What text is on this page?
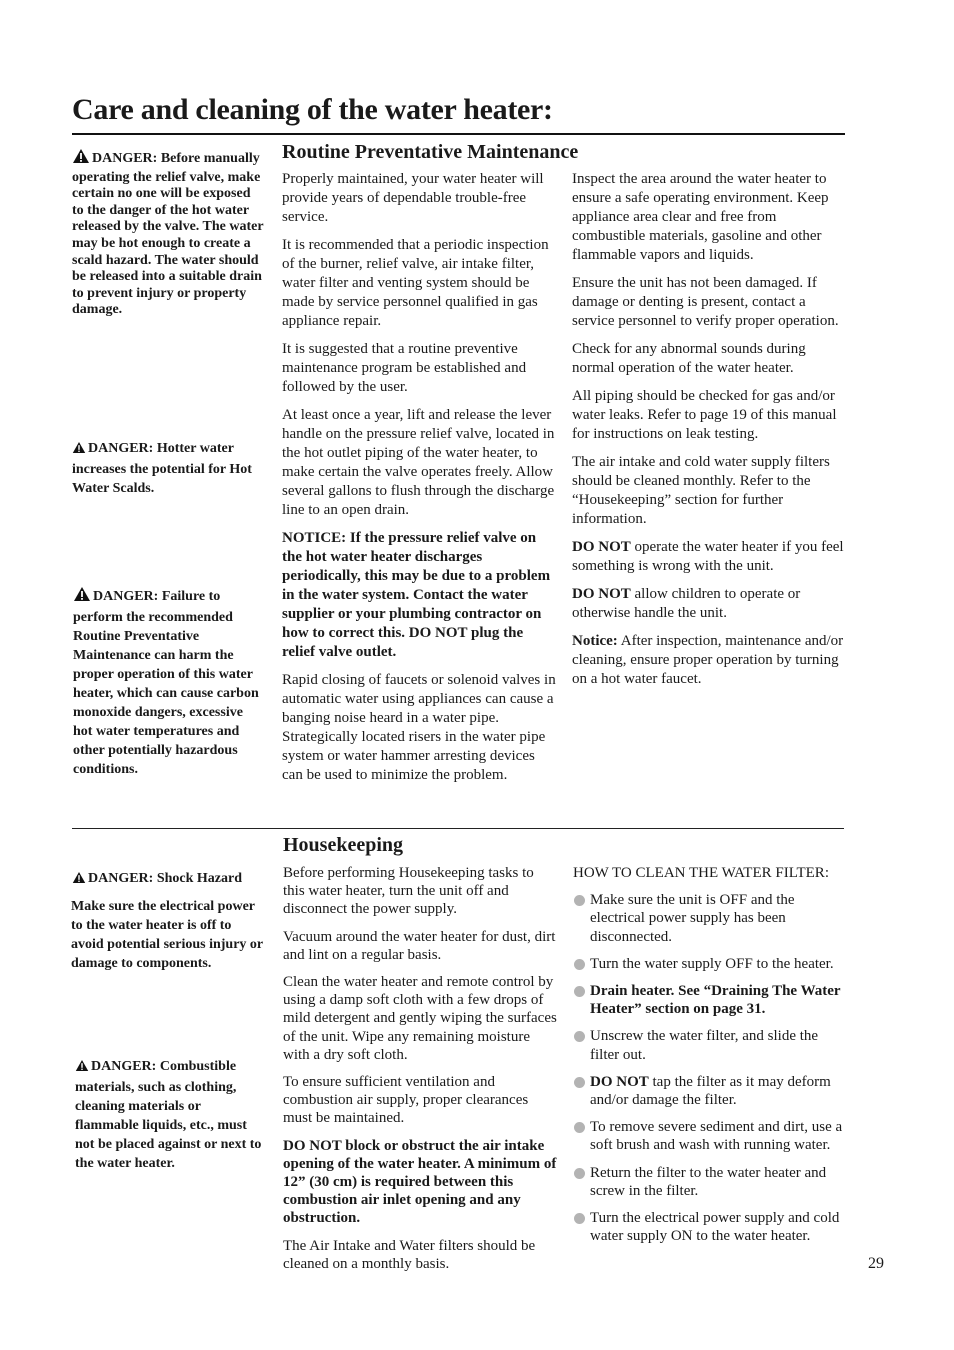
Care and cleaning of the water heater:
Routine Preventative Maintenance
DANGER: Before manually operating the relief valve, make certain no one will be exposed to the danger of the hot water released by the valve. The water may be hot enough to create a scald hazard. The water should be released into a suitable drain to prevent injury or property damage.
DANGER: Hotter water increases the potential for Hot Water Scalds.
DANGER: Failure to perform the recommended Routine Preventative Maintenance can harm the proper operation of this water heater, which can cause carbon monoxide dangers, excessive hot water temperatures and other potentially hazardous conditions.

Properly maintained, your water heater will provide years of dependable trouble-free service.

It is recommended that a periodic inspection of the burner, relief valve, air intake filter, water filter and venting system should be made by service personnel qualified in gas appliance repair.

It is suggested that a routine preventive maintenance program be established and followed by the user.

At least once a year, lift and release the lever handle on the pressure relief valve, located in the hot outlet piping of the water heater, to make certain the valve operates freely. Allow several gallons to flush through the discharge line to an open drain.

NOTICE: If the pressure relief valve on the hot water heater discharges periodically, this may be due to a problem in the water system. Contact the water supplier or your plumbing contractor on how to correct this. DO NOT plug the relief valve outlet.

Rapid closing of faucets or solenoid valves in automatic water using appliances can cause a banging noise heard in a water pipe. Strategically located risers in the water pipe system or water hammer arresting devices can be used to minimize the problem.

Inspect the area around the water heater to ensure a safe operating environment. Keep appliance area clear and free from combustible materials, gasoline and other flammable vapors and liquids.

Ensure the unit has not been damaged. If damage or denting is present, contact a service personnel to verify proper operation.

Check for any abnormal sounds during normal operation of the water heater.

All piping should be checked for gas and/or water leaks. Refer to page 19 of this manual for instructions on leak testing.

The air intake and cold water supply filters should be cleaned monthly. Refer to the “Housekeeping” section for further information.

DO NOT operate the water heater if you feel something is wrong with the unit.

DO NOT allow children to operate or otherwise handle the unit.

Notice: After inspection, maintenance and/or cleaning, ensure proper operation by turning on a hot water faucet.

Housekeeping
DANGER: Shock Hazard
Make sure the electrical power to the water heater is off to avoid potential serious injury or damage to components.
DANGER: Combustible materials, such as clothing, cleaning materials or flammable liquids, etc., must not be placed against or next to the water heater.

Before performing Housekeeping tasks to this water heater, turn the unit off and disconnect the power supply.

Vacuum around the water heater for dust, dirt and lint on a regular basis.

Clean the water heater and remote control by using a damp soft cloth with a few drops of mild detergent and gently wiping the surfaces of the unit. Wipe any remaining moisture with a dry soft cloth.

To ensure sufficient ventilation and combustion air supply, proper clearances must be maintained.

DO NOT block or obstruct the air intake opening of the water heater. A minimum of 12” (30 cm) is required between this combustion air inlet opening and any obstruction.

The Air Intake and Water filters should be cleaned on a monthly basis.

HOW TO CLEAN THE WATER FILTER:

Make sure the unit is OFF and the electrical power supply has been disconnected.
Turn the water supply OFF to the heater.
Drain heater. See “Draining The Water Heater” section on page 31.
Unscrew the water filter, and slide the filter out.
DO NOT tap the filter as it may deform and/or damage the filter.
To remove severe sediment and dirt, use a soft brush and wash with running water.
Return the filter to the water heater and screw in the filter.
Turn the electrical power supply and cold water supply ON to the water heater.
29
